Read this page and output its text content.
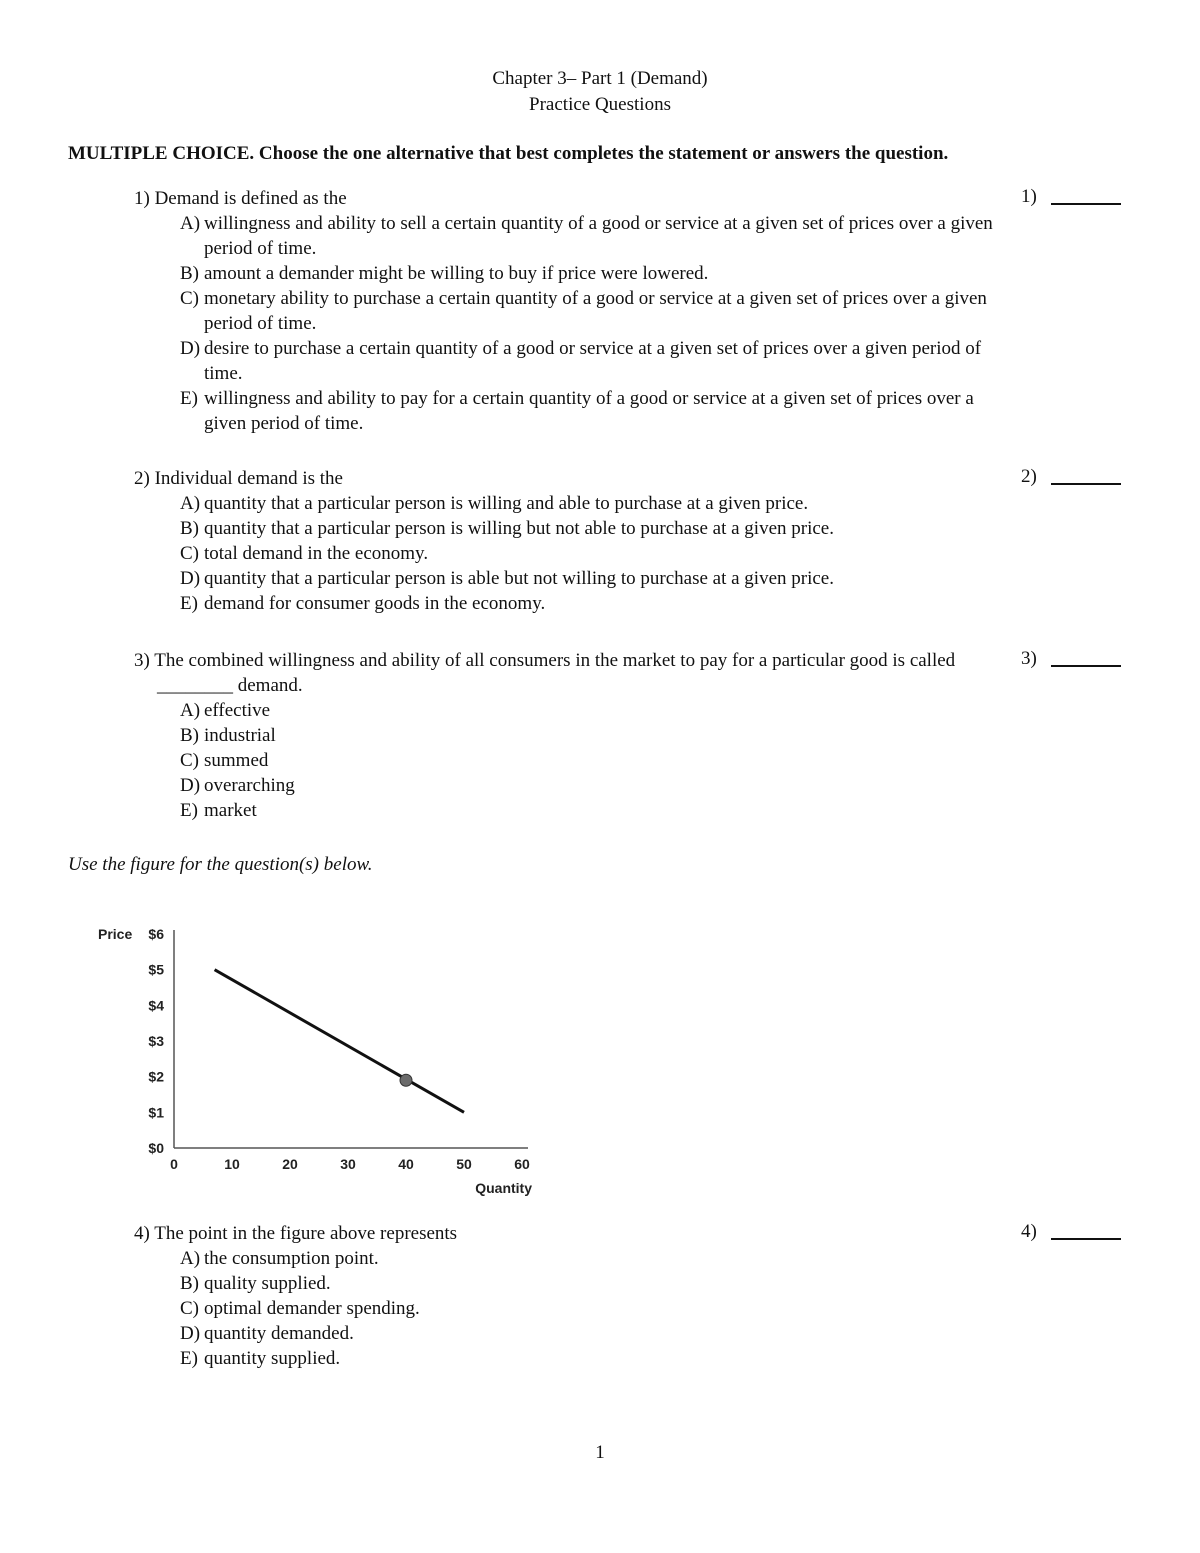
Chapter 3– Part 1 (Demand)
Practice Questions
MULTIPLE CHOICE. Choose the one alternative that best completes the statement or answers the question.
1) Demand is defined as the
A) willingness and ability to sell a certain quantity of a good or service at a given set of prices over a given period of time.
B) amount a demander might be willing to buy if price were lowered.
C) monetary ability to purchase a certain quantity of a good or service at a given set of prices over a given period of time.
D) desire to purchase a certain quantity of a good or service at a given set of prices over a given period of time.
E) willingness and ability to pay for a certain quantity of a good or service at a given set of prices over a given period of time.
1)
2) Individual demand is the
A) quantity that a particular person is willing and able to purchase at a given price.
B) quantity that a particular person is willing but not able to purchase at a given price.
C) total demand in the economy.
D) quantity that a particular person is able but not willing to purchase at a given price.
E) demand for consumer goods in the economy.
2)
3) The combined willingness and ability of all consumers in the market to pay for a particular good is called ________ demand.
A) effective
B) industrial
C) summed
D) overarching
E) market
3)
Use the figure for the question(s) below.
$0
$1
$2
$3
$4
$5
$6
Price
0	10	20	30	40	50	60
Quantity
4) The point in the figure above represents
A) the consumption point.
B) quality supplied.
C) optimal demander spending.
D) quantity demanded.
E) quantity supplied.
4)
1
